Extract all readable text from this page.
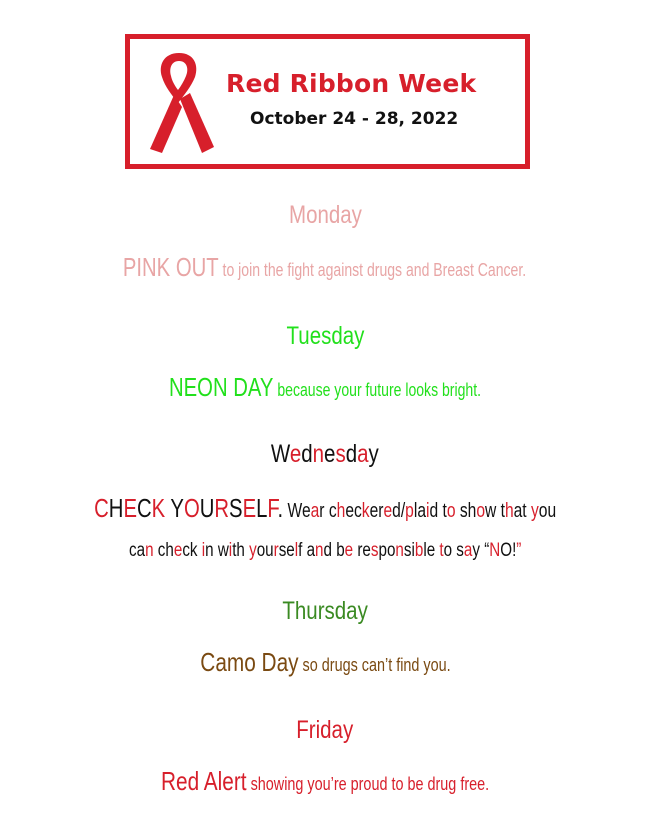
Red Ribbon Week
October 24 - 28, 2022
Monday
PINK OUT to join the fight against drugs and Breast Cancer.
Tuesday
NEON DAY because your future looks bright.
Wednesday
CHECK YOURSELF. Wear checkered/plaid to show that you
can check in with yourself and be responsible to say “NO!”
Thursday
Camo Day so drugs can’t find you.
Friday
Red Alert showing you’re proud to be drug free.
